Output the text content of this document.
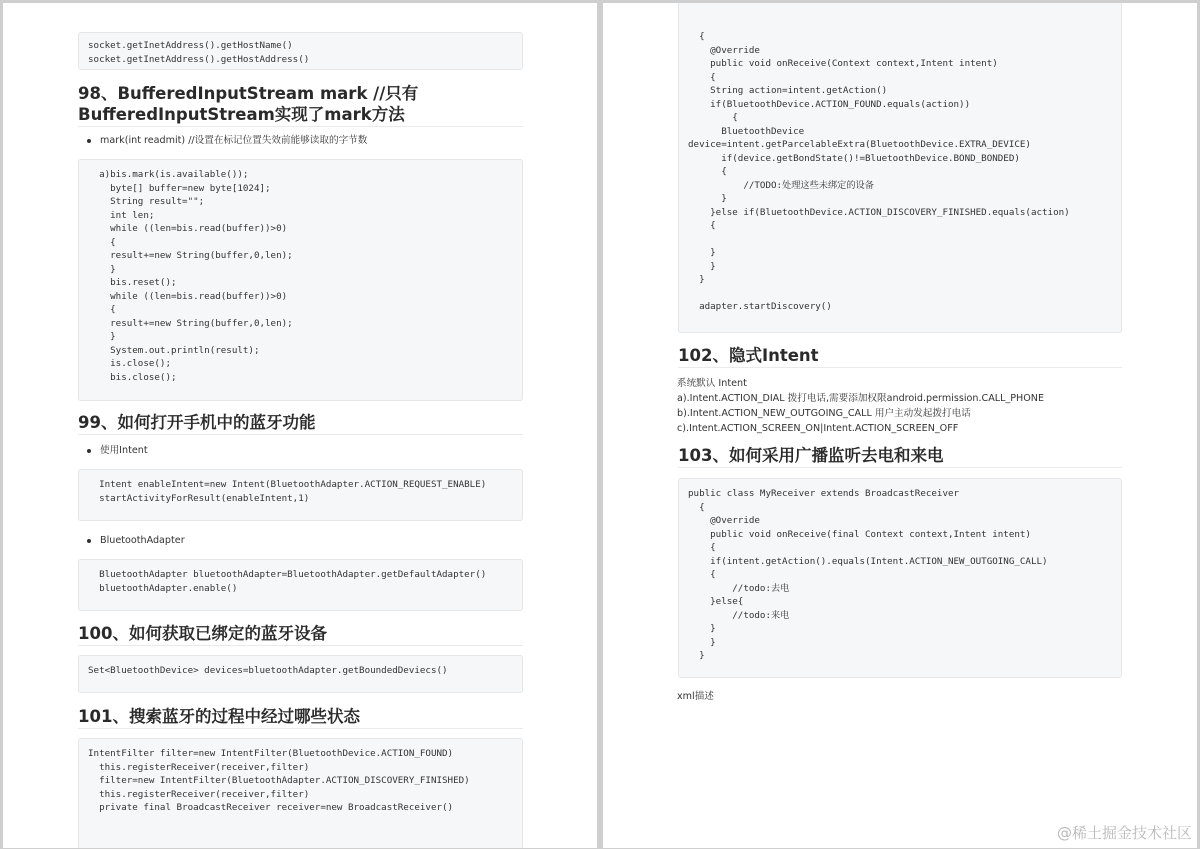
socket.getInetAddress().getHostName()
socket.getInetAddress().getHostAddress()
98、BufferedInputStream mark //只有
BufferedInputStream实现了mark方法
mark(int readmit) //设置在标记位置失效前能够读取的字节数
a)bis.mark(is.available());
byte[] buffer=new byte[1024];
String result="";
int len;
while ((len=bis.read(buffer))>0)
{
result+=new String(buffer,0,len);
}
bis.reset();
while ((len=bis.read(buffer))>0)
{
result+=new String(buffer,0,len);
}
System.out.println(result);
is.close();
bis.close();
99、如何打开手机中的蓝牙功能
使用Intent
Intent enableIntent=new Intent(BluetoothAdapter.ACTION_REQUEST_ENABLE)
startActivityForResult(enableIntent,1)
BluetoothAdapter
BluetoothAdapter bluetoothAdapter=BluetoothAdapter.getDefaultAdapter()
bluetoothAdapter.enable()
100、如何获取已绑定的蓝牙设备
Set<BluetoothDevice> devices=bluetoothAdapter.getBoundedDeviecs()
101、搜索蓝牙的过程中经过哪些状态
IntentFilter filter=new IntentFilter(BluetoothDevice.ACTION_FOUND)
this.registerReceiver(receiver,filter)
filter=new IntentFilter(BluetoothAdapter.ACTION_DISCOVERY_FINISHED)
this.registerReceiver(receiver,filter)
private final BroadcastReceiver receiver=new BroadcastReceiver()
{
@Override
public void onReceive(Context context,Intent intent)
{
String action=intent.getAction()
if(BluetoothDevice.ACTION_FOUND.equals(action))
{
BluetoothDevice
device=intent.getParcelableExtra(BluetoothDevice.EXTRA_DEVICE)
if(device.getBondState()!=BluetoothDevice.BOND_BONDED)
{
//TODO:处理这些未绑定的设备
}
}else if(BluetoothDevice.ACTION_DISCOVERY_FINISHED.equals(action)
{

}
}
}

adapter.startDiscovery()
102、隐式Intent
系统默认 Intent
a).Intent.ACTION_DIAL 拨打电话,需要添加权限android.permission.CALL_PHONE
b).Intent.ACTION_NEW_OUTGOING_CALL 用户主动发起拨打电话
c).Intent.ACTION_SCREEN_ON|Intent.ACTION_SCREEN_OFF
103、如何采用广播监听去电和来电
public class MyReceiver extends BroadcastReceiver
{
@Override
public void onReceive(final Context context,Intent intent)
{
if(intent.getAction().equals(Intent.ACTION_NEW_OUTGOING_CALL)
{
//todo:去电
}else{
//todo:来电
}
}
}
xml描述
@稀土掘金技术社区
